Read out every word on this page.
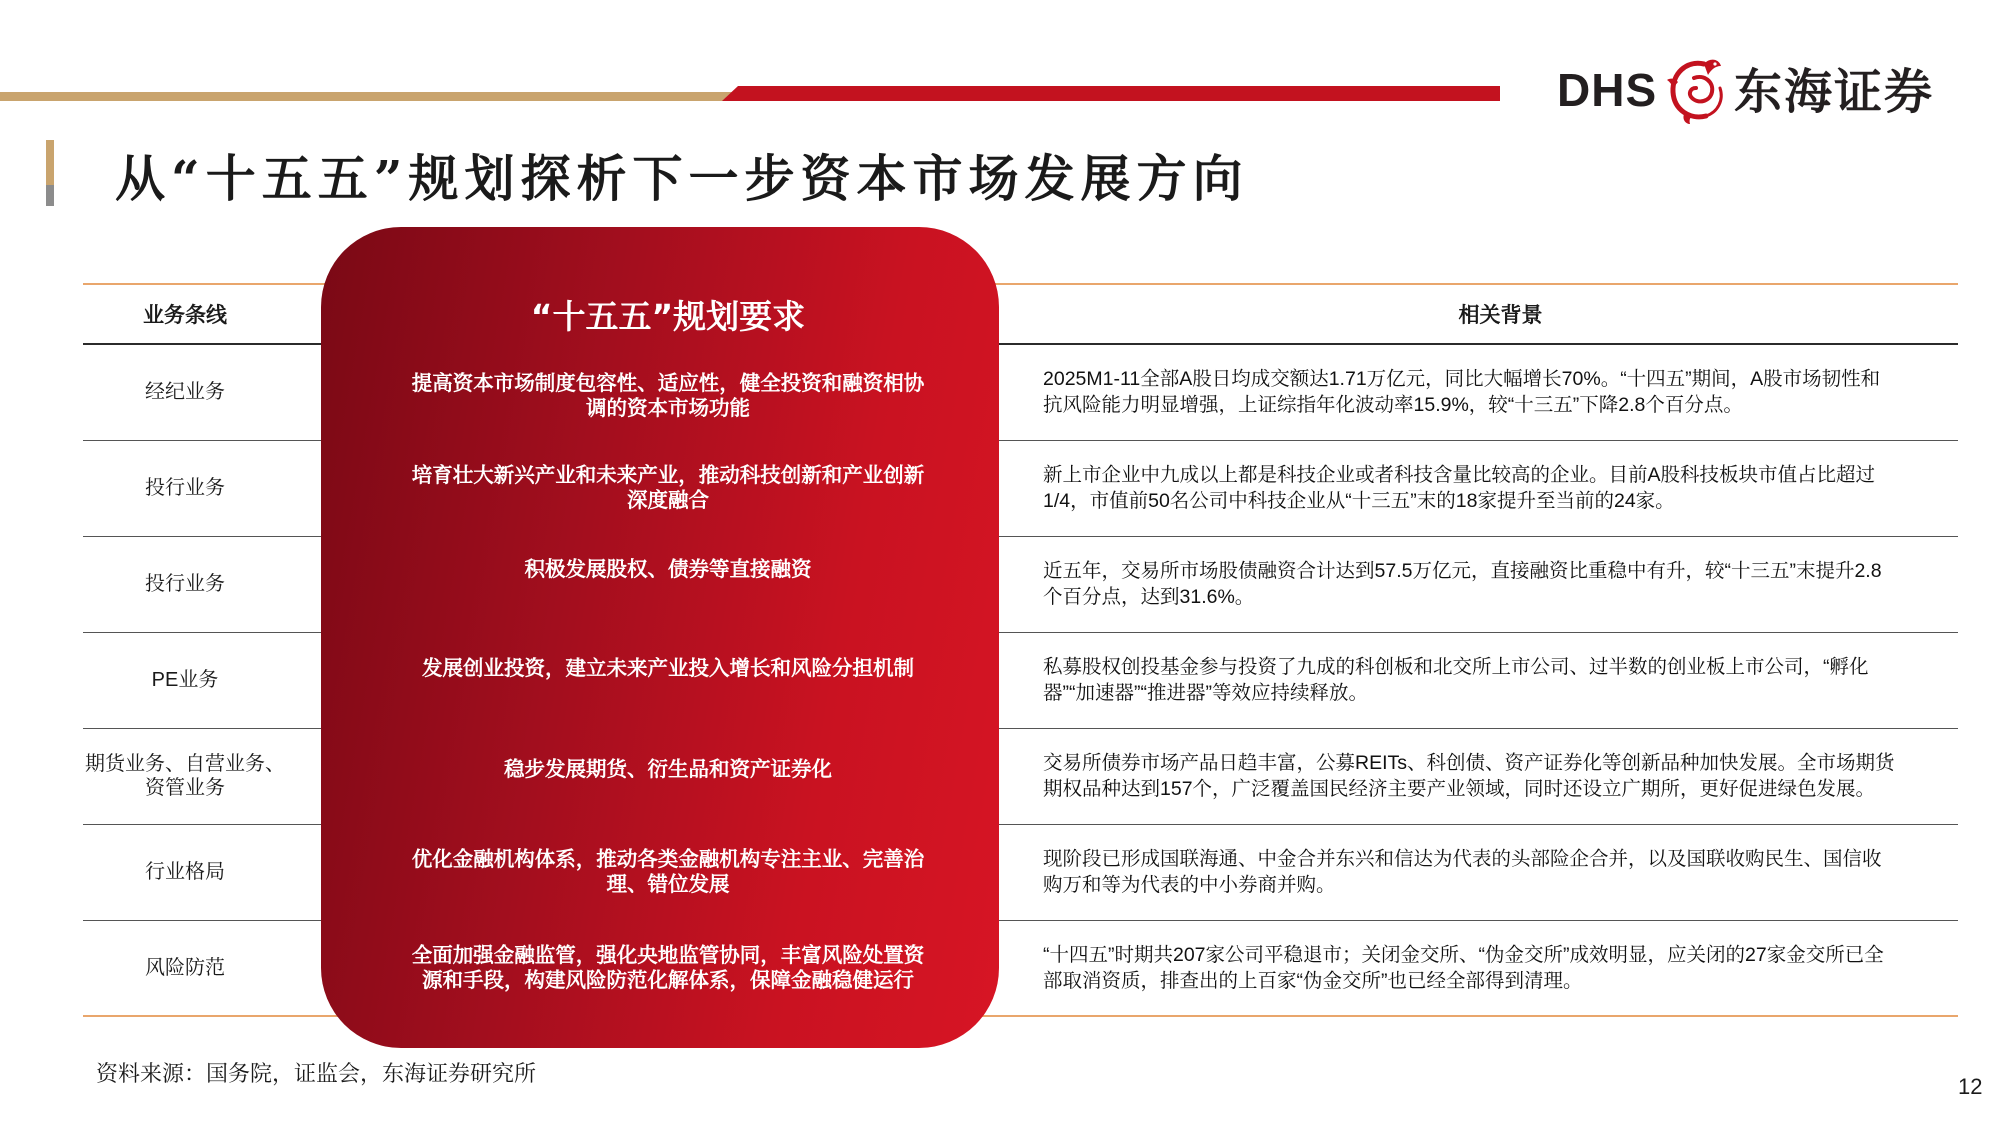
DHS 东海证券
从“十五五”规划探析下一步资本市场发展方向
业务条线	相关背景
经纪业务
投行业务
投行业务
PE业务
期货业务、自营业务、
资管业务
行业格局
风险防范
2025M1-11全部A股日均成交额达1.71万亿元，同比大幅增长70%。“十四五”期间，A股市场韧性和
抗风险能力明显增强，上证综指年化波动率15.9%，较“十三五”下降2.8个百分点。
新上市企业中九成以上都是科技企业或者科技含量比较高的企业。目前A股科技板块市值占比超过
1/4，市值前50名公司中科技企业从“十三五”末的18家提升至当前的24家。
近五年，交易所市场股债融资合计达到57.5万亿元，直接融资比重稳中有升，较“十三五”末提升2.8
个百分点，达到31.6%。
私募股权创投基金参与投资了九成的科创板和北交所上市公司、过半数的创业板上市公司，“孵化
器”“加速器”“推进器”等效应持续释放。
交易所债券市场产品日趋丰富，公募REITs、科创债、资产证券化等创新品种加快发展。全市场期货
期权品种达到157个，广泛覆盖国民经济主要产业领域，同时还设立广期所，更好促进绿色发展。
现阶段已形成国联海通、中金合并东兴和信达为代表的头部险企合并，以及国联收购民生、国信收
购万和等为代表的中小券商并购。
“十四五”时期共207家公司平稳退市；关闭金交所、“伪金交所”成效明显，应关闭的27家金交所已全
部取消资质，排查出的上百家“伪金交所”也已经全部得到清理。
“十五五”规划要求
提高资本市场制度包容性、适应性，健全投资和融资相协
调的资本市场功能
培育壮大新兴产业和未来产业，推动科技创新和产业创新
深度融合
积极发展股权、债券等直接融资
发展创业投资，建立未来产业投入增长和风险分担机制
稳步发展期货、衍生品和资产证券化
优化金融机构体系，推动各类金融机构专注主业、完善治
理、错位发展
全面加强金融监管，强化央地监管协同，丰富风险处置资
源和手段，构建风险防范化解体系，保障金融稳健运行
资料来源：国务院，证监会，东海证券研究所
12
